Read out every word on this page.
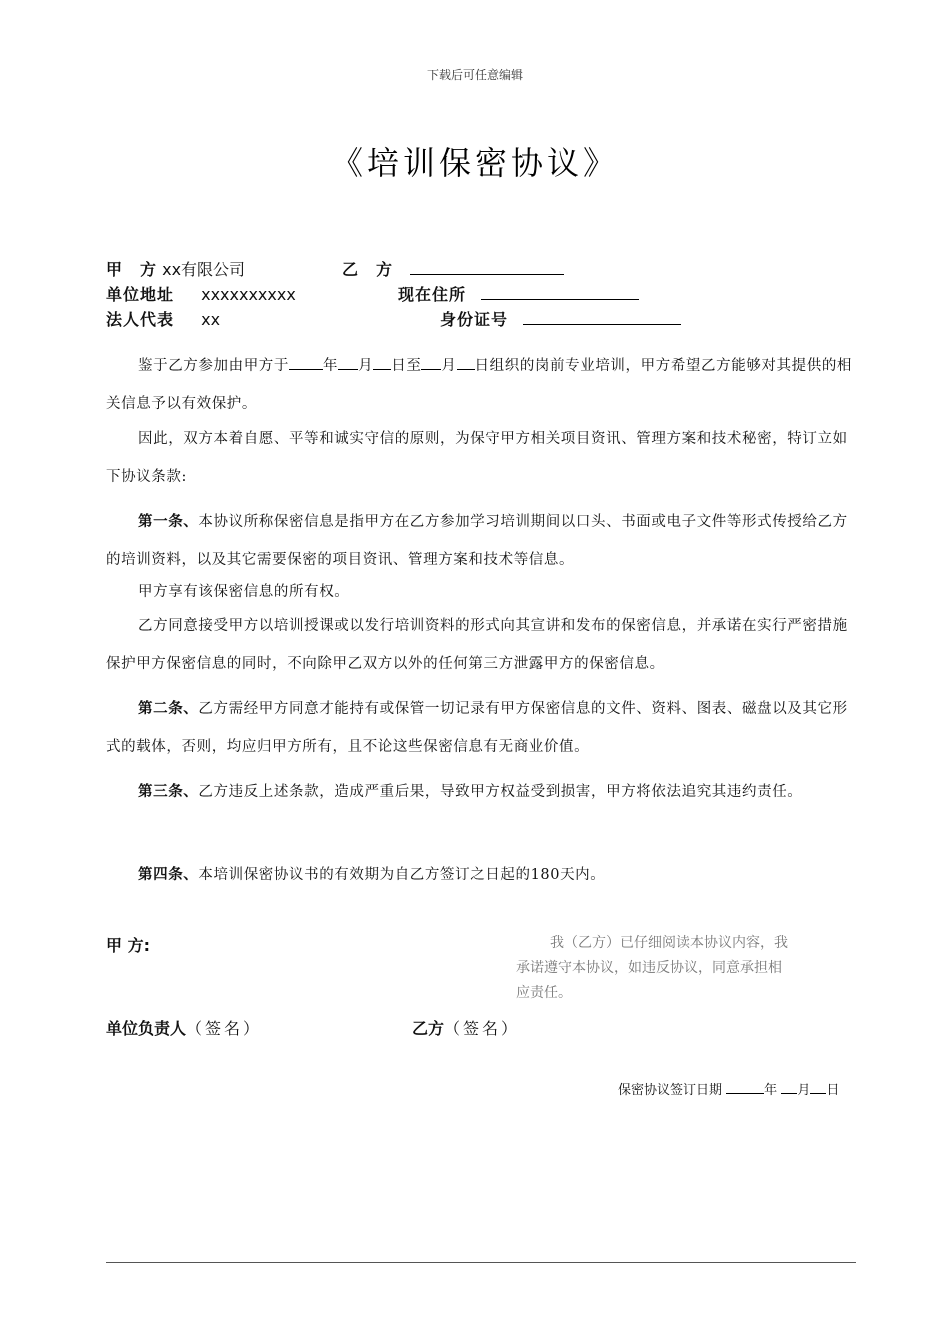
下载后可任意编辑
《培训保密协议》
甲　方 xx有限公司	乙　方
单位地址 xxxxxxxxxx	现在住所
法人代表 xx	身份证号
鉴于乙方参加由甲方于 年 月 日至 月 日组织的岗前专业培训，甲方希望乙方能够对其提供的相关信息予以有效保护。
因此，双方本着自愿、平等和诚实守信的原则，为保守甲方相关项目资讯、管理方案和技术秘密，特订立如下协议条款:
第一条、本协议所称保密信息是指甲方在乙方参加学习培训期间以口头、书面或电子文件等形式传授给乙方的培训资料，以及其它需要保密的项目资讯、管理方案和技术等信息。
甲方享有该保密信息的所有权。
乙方同意接受甲方以培训授课或以发行培训资料的形式向其宣讲和发布的保密信息，并承诺在实行严密措施保护甲方保密信息的同时，不向除甲乙双方以外的任何第三方泄露甲方的保密信息。
第二条、乙方需经甲方同意才能持有或保管一切记录有甲方保密信息的文件、资料、图表、磁盘以及其它形式的载体，否则，均应归甲方所有，且不论这些保密信息有无商业价值。
第三条、乙方违反上述条款，造成严重后果，导致甲方权益受到损害，甲方将依法追究其违约责任。
第四条、本培训保密协议书的有效期为自乙方签订之日起的180天内。
甲 方:	我（乙方）已仔细阅读本协议内容，我
承诺遵守本协议，如违反协议，同意承担相
应责任。
单位负责人（签名）	乙方（签名）
保密协议签订日期	年 月 日
